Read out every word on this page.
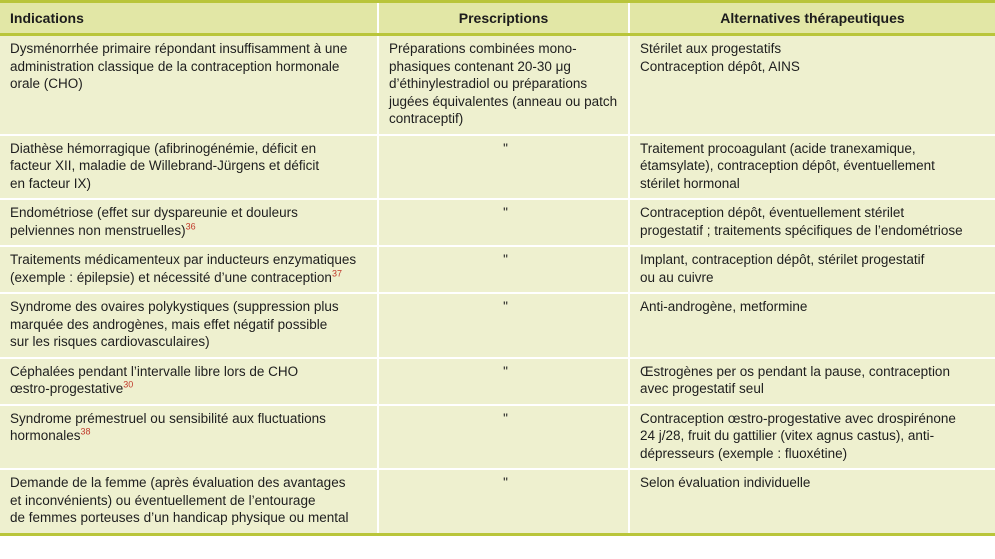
Indications	Prescriptions	Alternatives thérapeutiques
Dysménorrhée primaire répondant insuffisamment à une
administration classique de la contraception hormonale
orale (CHO)	Préparations combinées mono-
phasiques contenant 20-30 μg
d’éthinylestradiol ou préparations
jugées équivalentes (anneau ou patch
contraceptif)	Stérilet aux progestatifs
Contraception dépôt, AINS
Diathèse hémorragique (afibrinogénémie, déficit en
facteur XII, maladie de Willebrand-Jürgens et déficit
en facteur IX)	"	Traitement procoagulant (acide tranexamique,
étamsylate), contraception dépôt, éventuellement
stérilet hormonal
Endométriose (effet sur dyspareunie et douleurs
pelviennes non menstruelles)$^{36}$	"	Contraception dépôt, éventuellement stérilet
progestatif ; traitements spécifiques de l’endométriose
Traitements médicamenteux par inducteurs enzymatiques
(exemple : épilepsie) et nécessité d’une contraception$^{37}$	"	Implant, contraception dépôt, stérilet progestatif
ou au cuivre
Syndrome des ovaires polykystiques (suppression plus
marquée des androgènes, mais effet négatif possible
sur les risques cardiovasculaires)	"	Anti-androgène, metformine
Céphalées pendant l’intervalle libre lors de CHO
œstro-progestative$^{30}$	"	Œstrogènes per os pendant la pause, contraception
avec progestatif seul
Syndrome prémestruel ou sensibilité aux fluctuations
hormonales$^{38}$	"	Contraception œstro-progestative avec drospirénone
24 j/28, fruit du gattilier (vitex agnus castus), anti-
dépresseurs (exemple : fluoxétine)
Demande de la femme (après évaluation des avantages
et inconvénients) ou éventuellement de l’entourage
de femmes porteuses d’un handicap physique ou mental	"	Selon évaluation individuelle
